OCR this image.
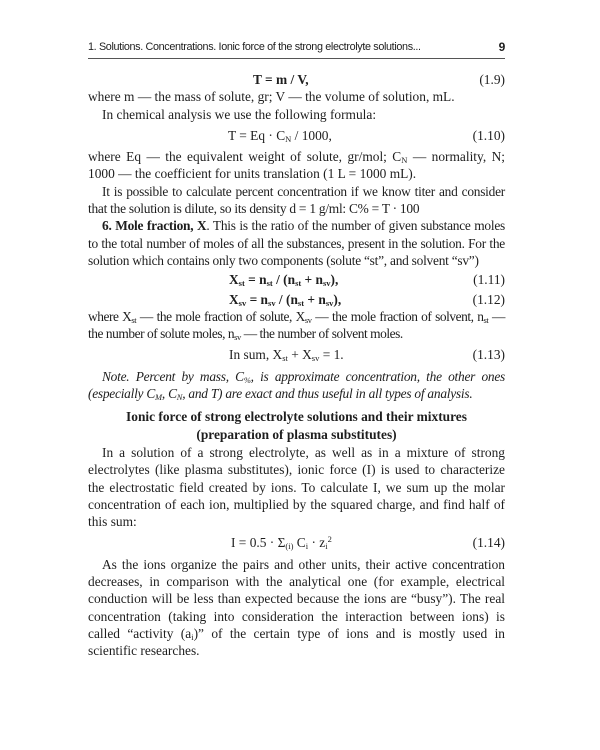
1. Solutions. Concentrations. Ionic force of the strong electrolyte solutions...	9
T = m / V,	(1.9)

where m — the mass of solute, gr; V — the volume of solution, mL.

In chemical analysis we use the following formula:

$T = Eq \cdot C_N / 1000$,	(1.10)

where Eq — the equivalent weight of solute, gr/mol; $C_N$ — normality, N; 1000 — the coefficient for units translation (1 L = 1000 mL).

It is possible to calculate percent concentration if we know titer and consider that the solution is dilute, so its density d = 1 g/ml: C% = T · 100

6. Mole fraction, X. This is the ratio of the number of given substance moles to the total number of moles of all the substances, present in the solution. For the solution which contains only two components (solute “st”, and solvent “sv”)

$X_{st} = n_{st} / (n_{st} + n_{sv})$,	(1.11)
$X_{sv} = n_{sv} / (n_{st} + n_{sv})$,	(1.12)

where $X_{st}$ — the mole fraction of solute, $X_{sv}$ — the mole fraction of solvent, $n_{st}$ — the number of solute moles, $n_{sv}$ — the number of solvent moles.

In sum, $X_{st} + X_{sv} = 1$.	(1.13)

Note. Percent by mass, $C_{\%}$, is approximate concentration, the other ones (especially $C_M$, $C_N$, and T) are exact and thus useful in all types of analysis.

Ionic force of strong electrolyte solutions and their mixtures
(preparation of plasma substitutes)

In a solution of a strong electrolyte, as well as in a mixture of strong electrolytes (like plasma substitutes), ionic force (I) is used to characterize the electrostatic field created by ions. To calculate I, we sum up the molar concentration of each ion, multiplied by the squared charge, and find half of this sum:

$I = 0.5 \cdot \Sigma_{(i)}$ $C_i \cdot z_i^2$	(1.14)

As the ions organize the pairs and other units, their active concentration decreases, in comparison with the analytical one (for example, electrical conduction will be less than expected because the ions are “busy”). The real concentration (taking into consideration the interaction between ions) is called “activity $(a_i)$” of the certain type of ions and is mostly used in scientific researches.
